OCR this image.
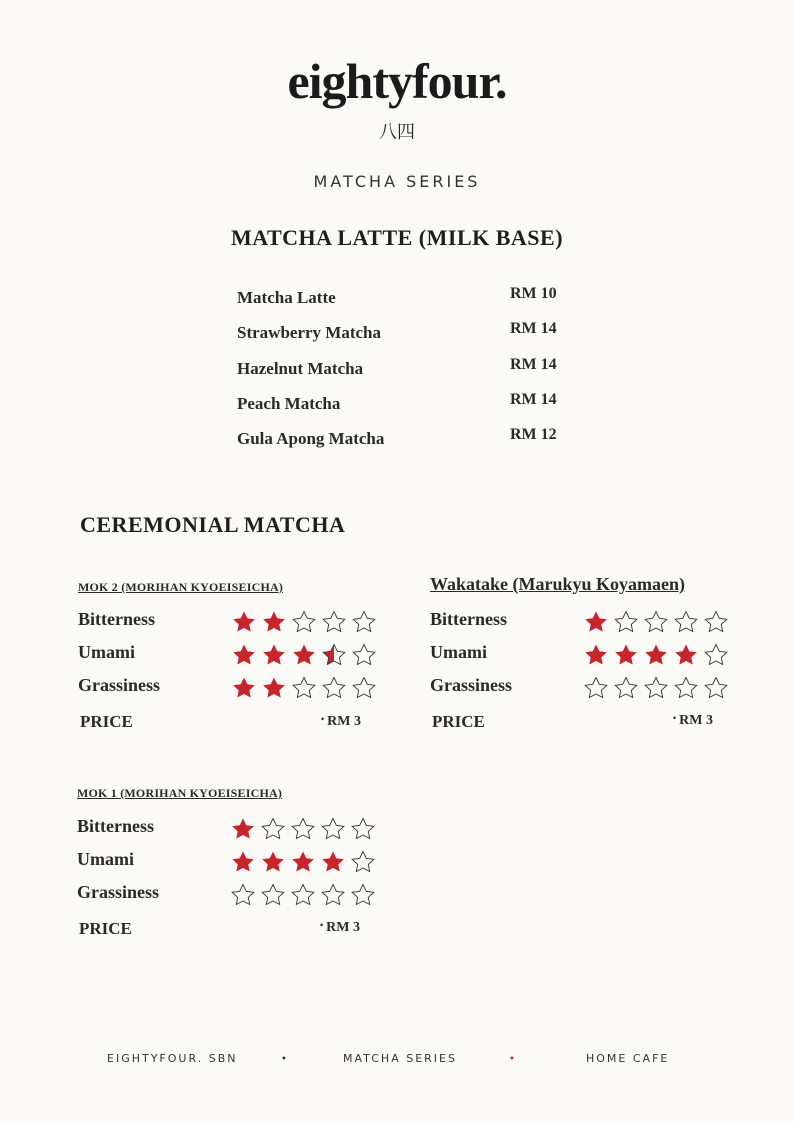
eightyfour.
八四
MATCHA SERIES
MATCHA LATTE (MILK BASE)
Matcha Latte	RM 10
Strawberry Matcha	RM 14
Hazelnut Matcha	RM 14
Peach Matcha	RM 14
Gula Apong Matcha	RM 12
CEREMONIAL MATCHA
MOK 2 (MORIHAN KYOEISEICHA)
Bitterness
Umami
Grassiness
PRICE	• RM 3
Wakatake (Marukyu Koyamaen)
Bitterness
Umami
Grassiness
PRICE	• RM 3
MOK 1 (MORIHAN KYOEISEICHA)
Bitterness
Umami
Grassiness
PRICE	• RM 3
EIGHTYFOUR. SBN	•	MATCHA SERIES	•	HOME CAFE
